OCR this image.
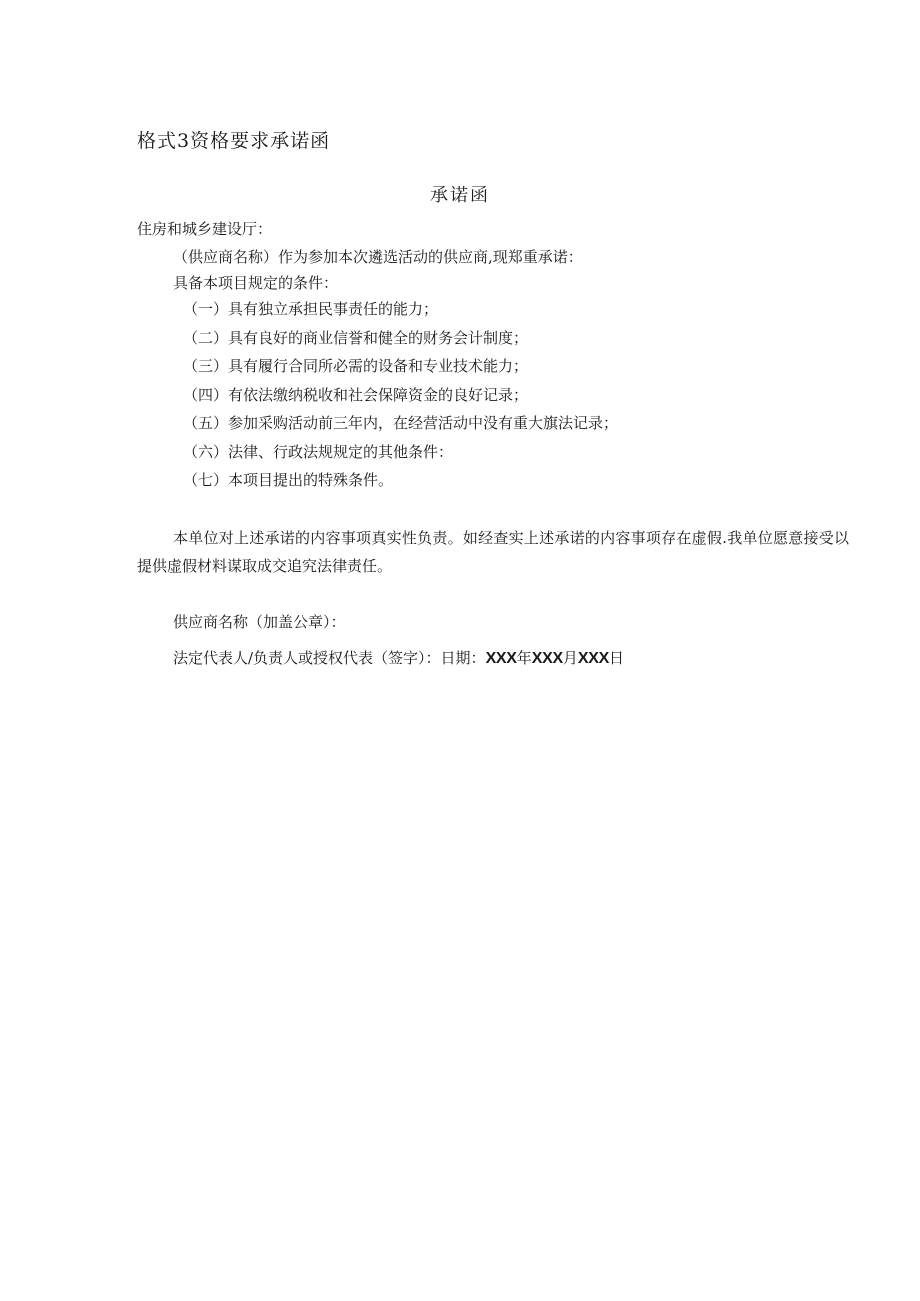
格式3资格要求承诺函
承诺函
住房和城乡建设厅：
（供应商名称）作为参加本次遴选活动的供应商,现郑重承诺：
具备本项目规定的条件：
（一）具有独立承担民事责任的能力；
（二）具有良好的商业信誉和健全的财务会计制度；
（三）具有履行合同所必需的设备和专业技术能力；
（四）有依法缴纳税收和社会保障资金的良好记录；
（五）参加采购活动前三年内，在经营活动中没有重大旗法记录；
（六）法律、行政法规规定的其他条件：
（七）本项目提出的特殊条件。

本单位对上述承诺的内容事项真实性负责。如经查实上述承诺的内容事项存在虚假.我单位愿意接受以提供虚假材料谋取成交追究法律责任。

供应商名称（加盖公章）：
法定代表人/负责人或授权代表（签字）：日期：XXX年XXX月XXX日
